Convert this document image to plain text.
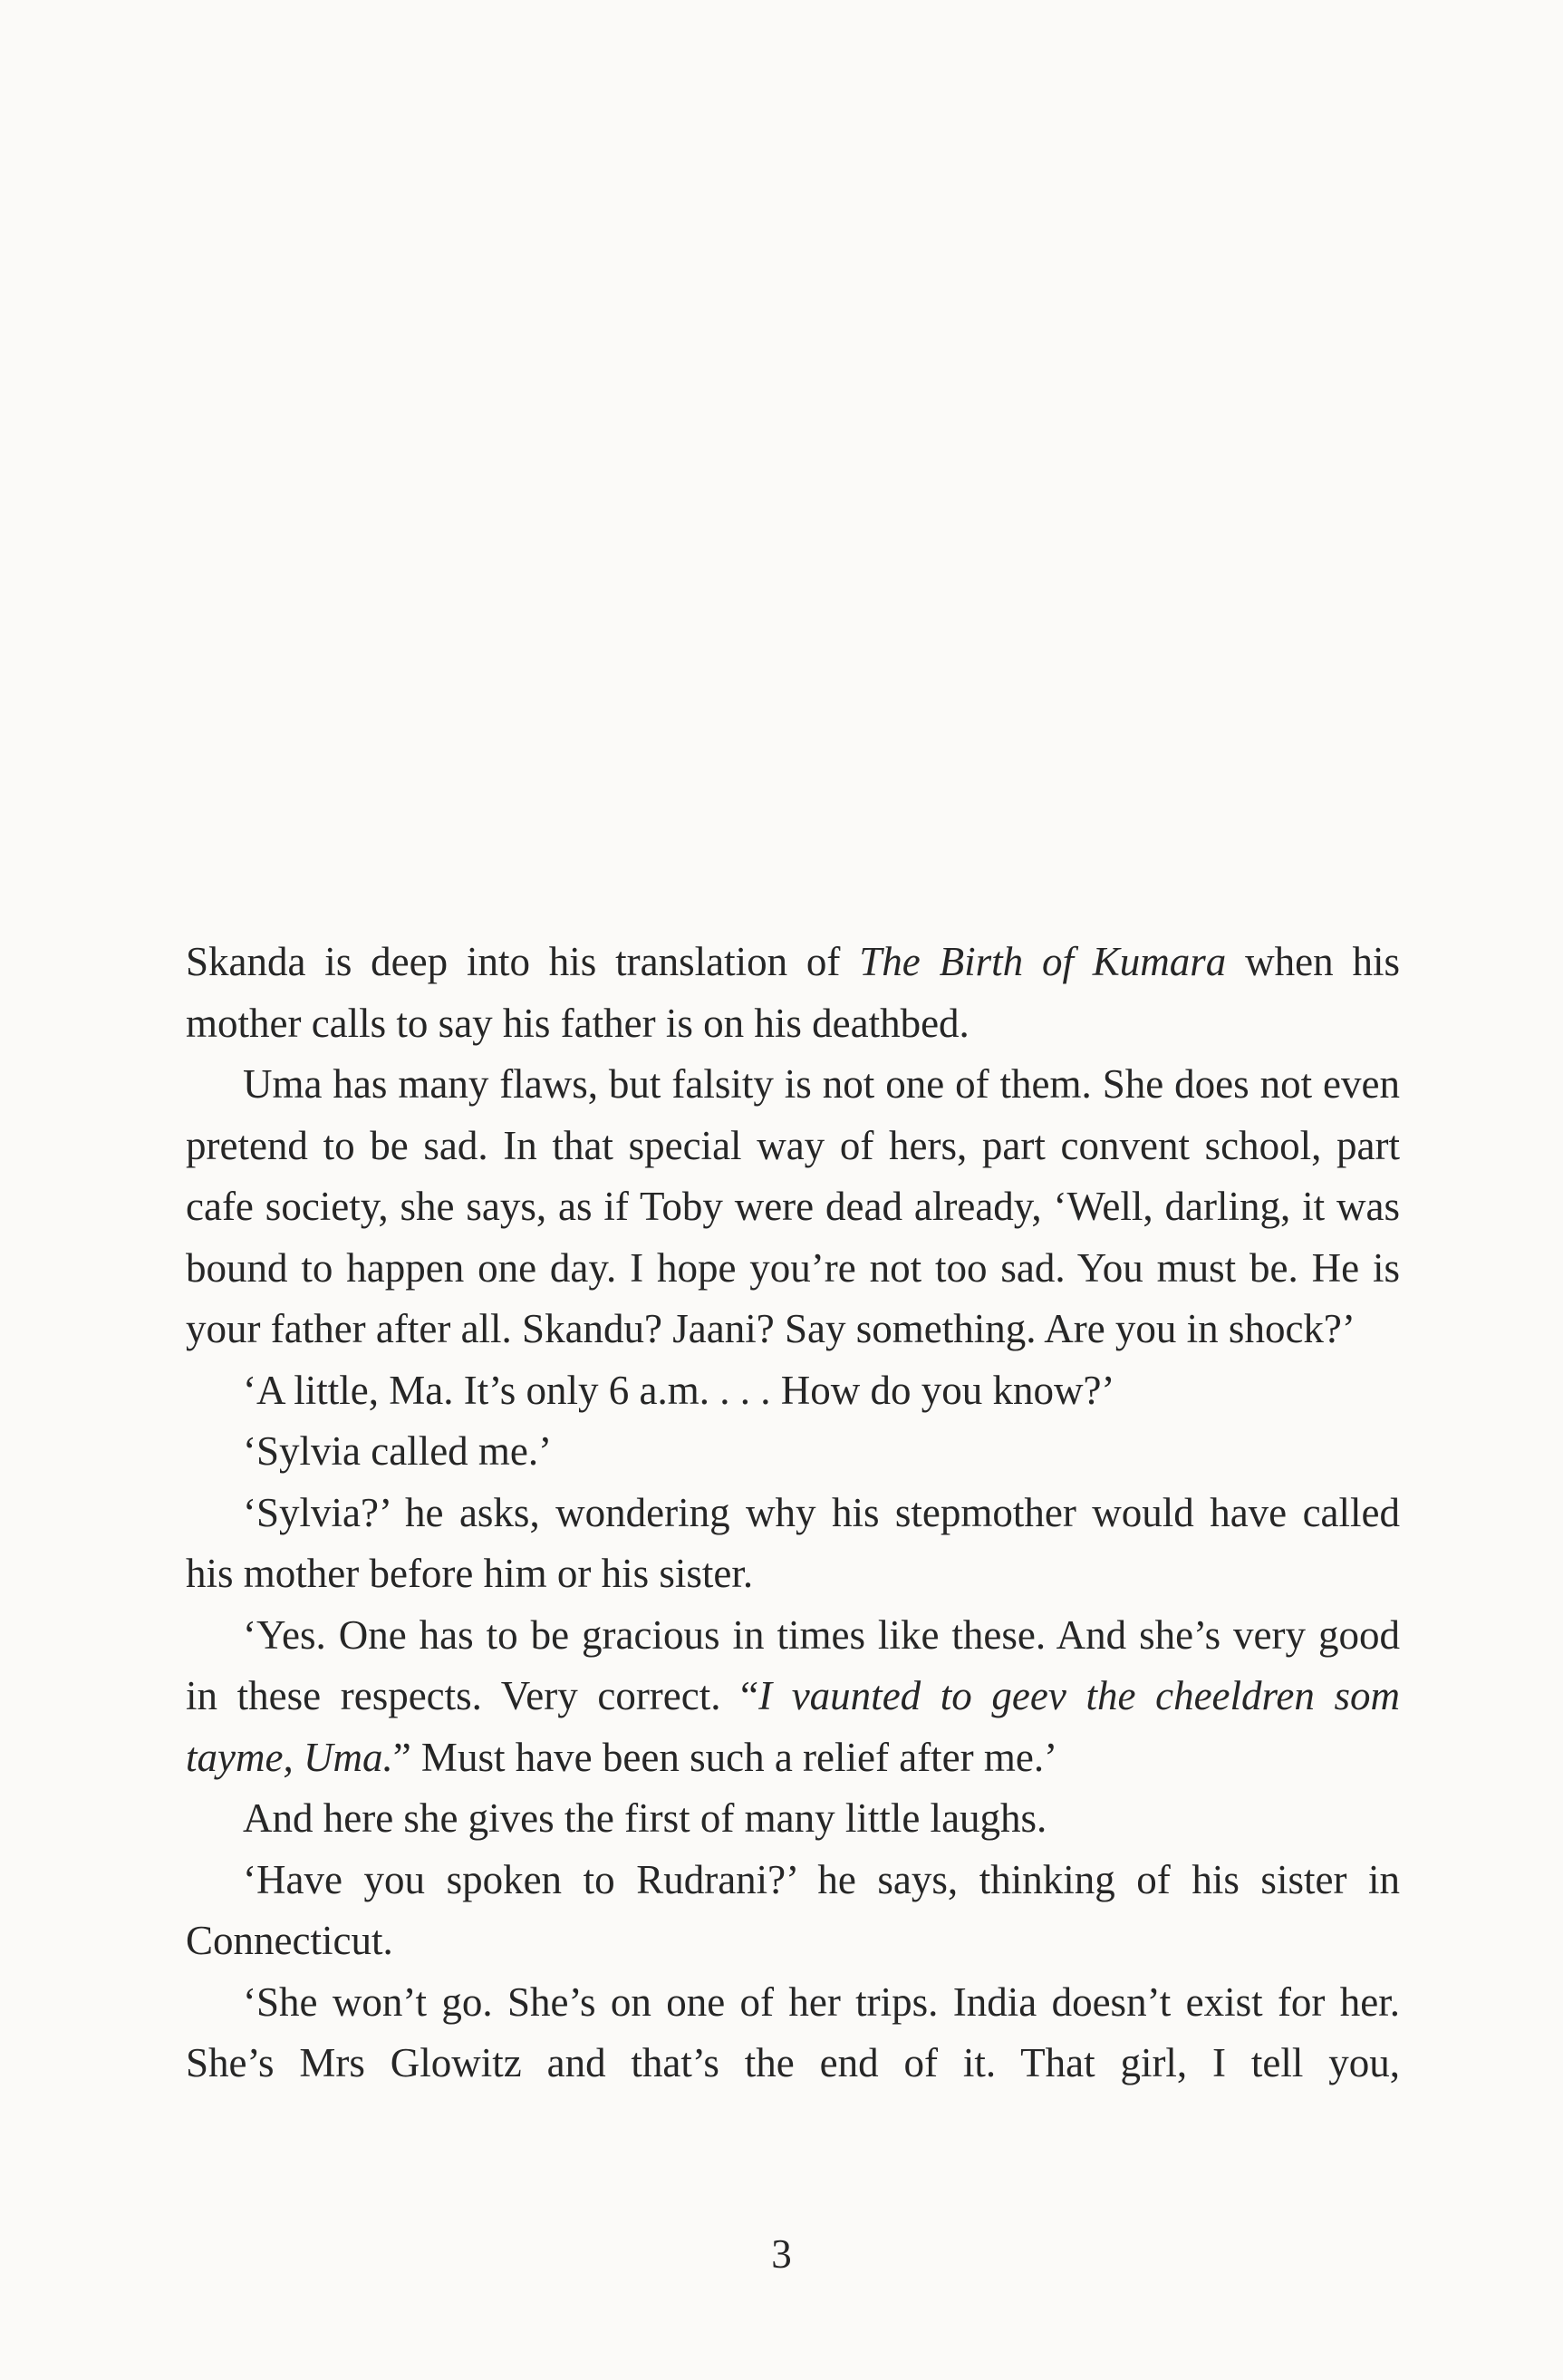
Skanda is deep into his translation of The Birth of Kumara when his mother calls to say his father is on his deathbed.

Uma has many flaws, but falsity is not one of them. She does not even pretend to be sad. In that special way of hers, part convent school, part cafe society, she says, as if Toby were dead already, ‘Well, darling, it was bound to happen one day. I hope you’re not too sad. You must be. He is your father after all. Skandu? Jaani? Say something. Are you in shock?’

‘A little, Ma. It’s only 6 a.m. . . . How do you know?’

‘Sylvia called me.’

‘Sylvia?’ he asks, wondering why his stepmother would have called his mother before him or his sister.

‘Yes. One has to be gracious in times like these. And she’s very good in these respects. Very correct. “I vaunted to geev the cheeldren som tayme, Uma.” Must have been such a relief after me.’

And here she gives the first of many little laughs.

‘Have you spoken to Rudrani?’ he says, thinking of his sister in Connecticut.

‘She won’t go. She’s on one of her trips. India doesn’t exist for her. She’s Mrs Glowitz and that’s the end of it. That girl, I tell you,

3
